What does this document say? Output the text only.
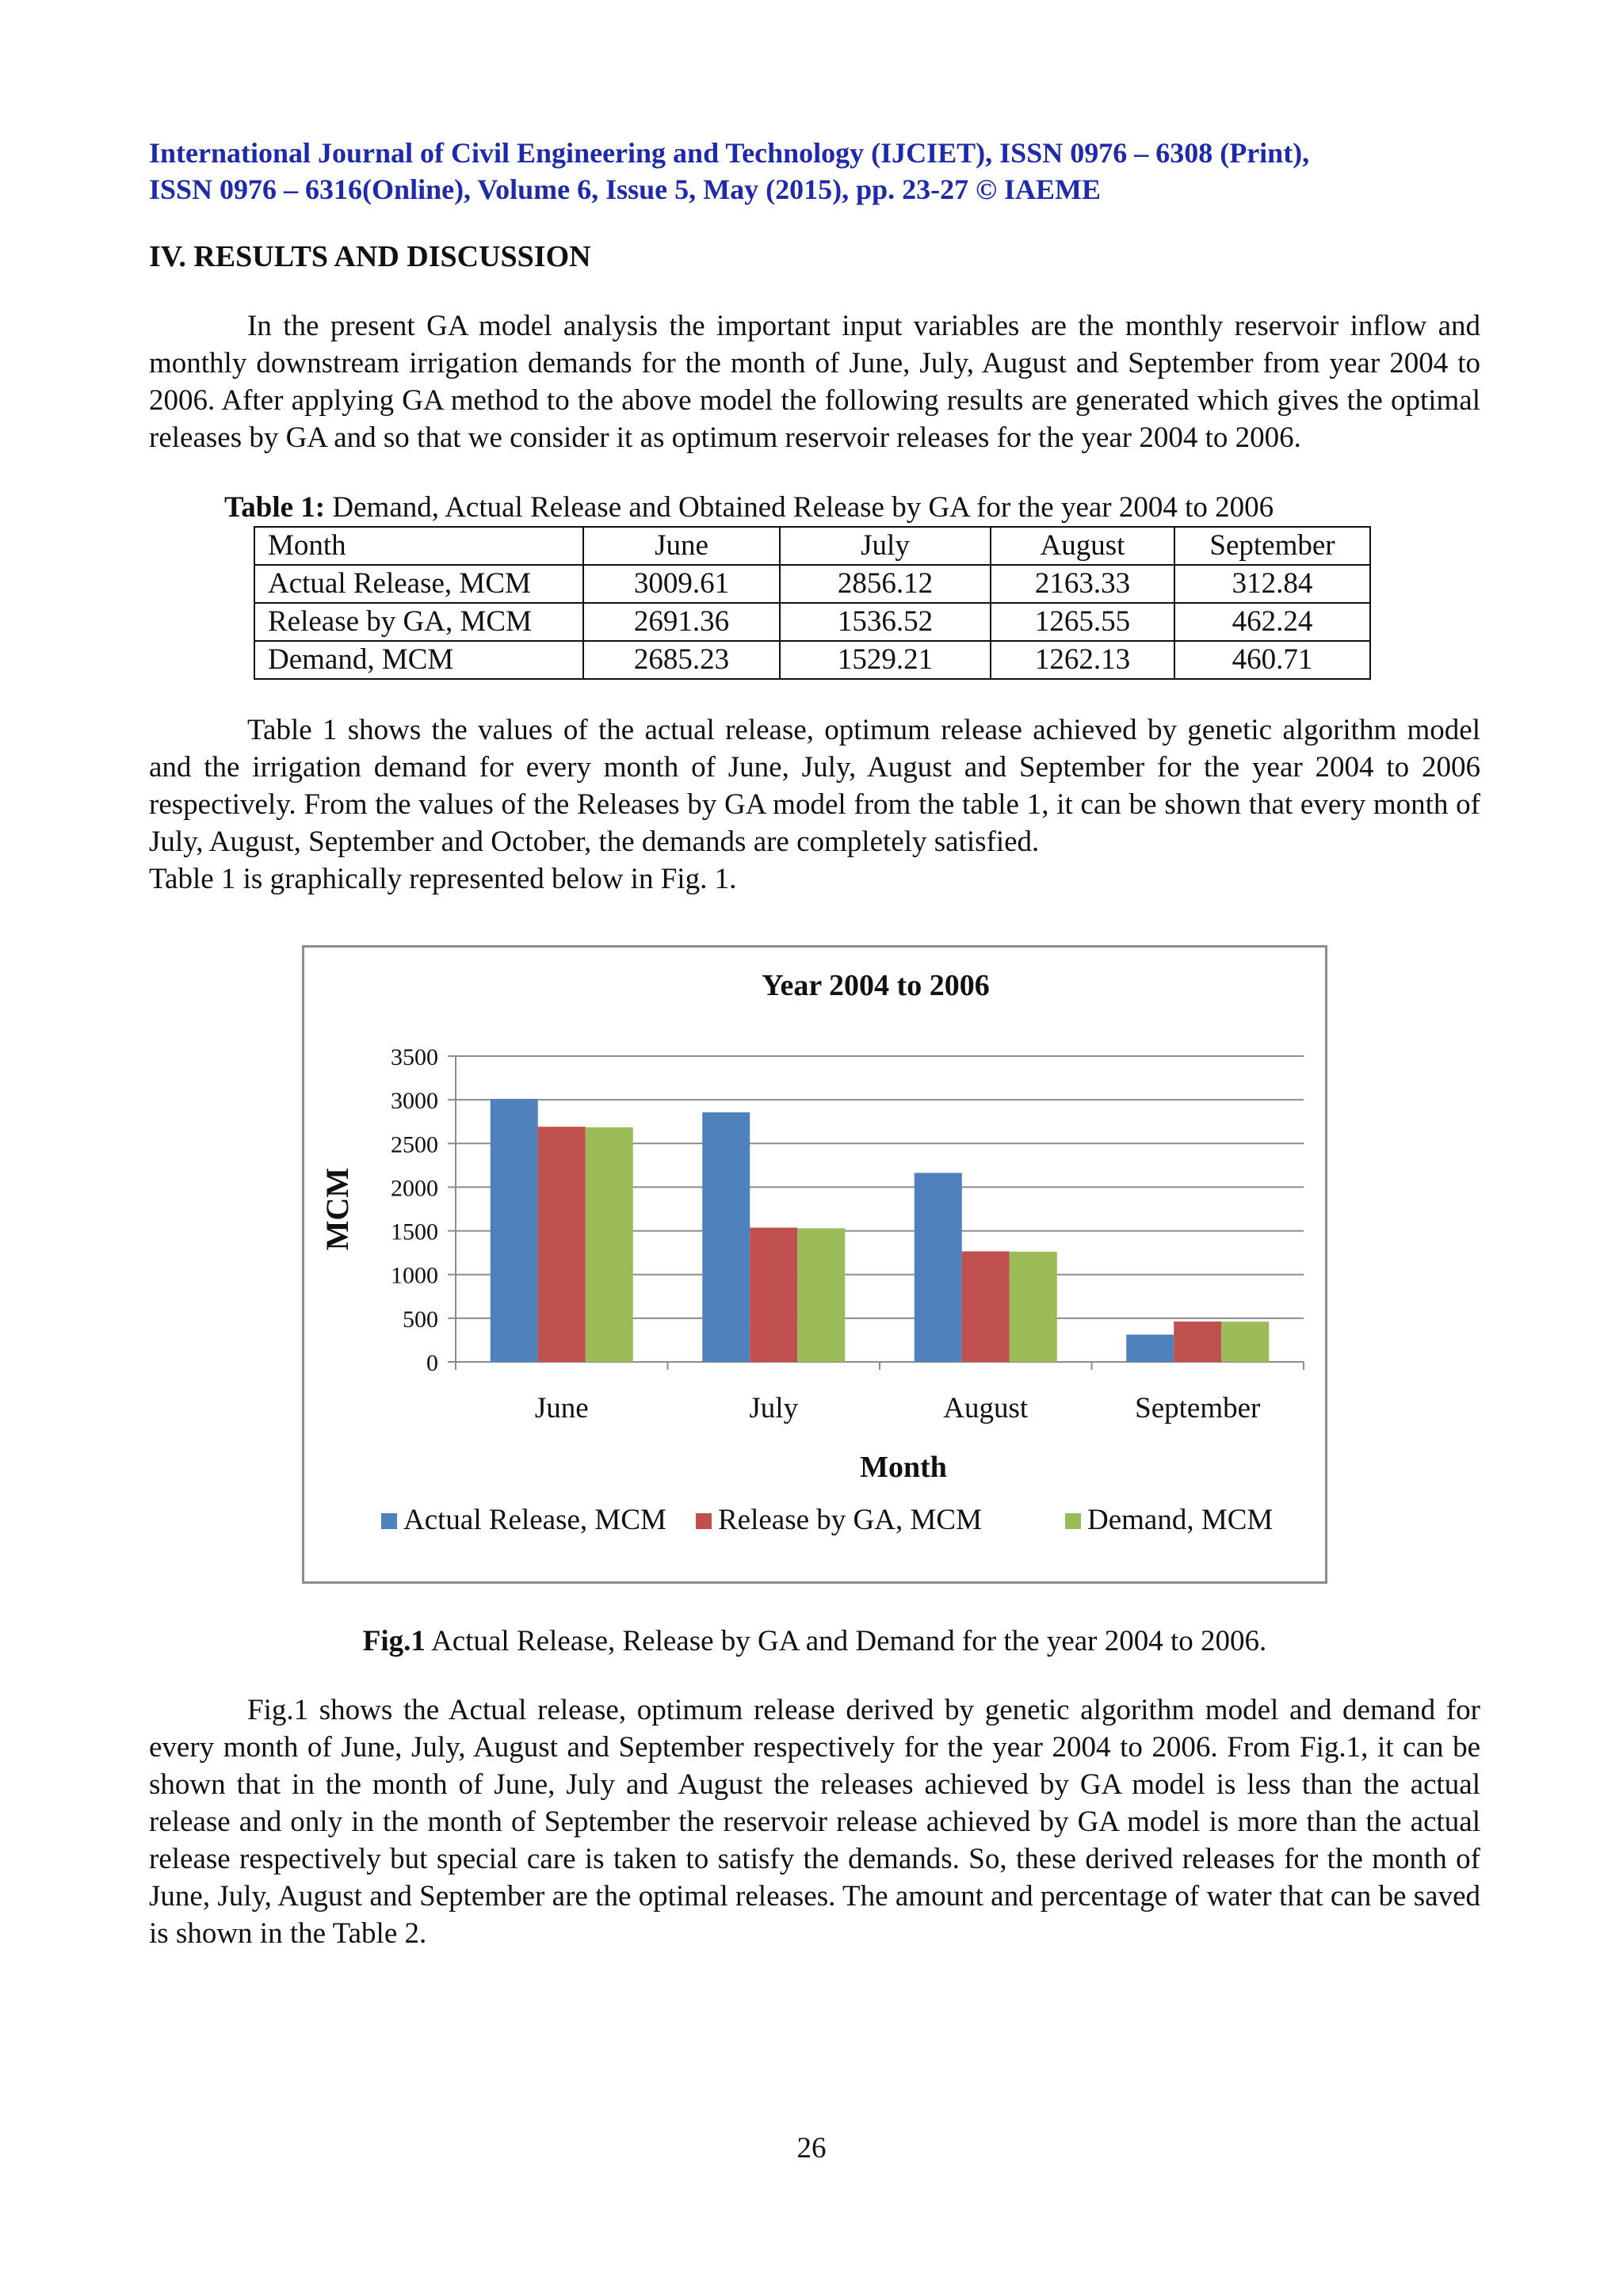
International Journal of Civil Engineering and Technology (IJCIET), ISSN 0976 – 6308 (Print),

ISSN 0976 – 6316(Online), Volume 6, Issue 5, May (2015), pp. 23-27 © IAEME

IV. RESULTS AND DISCUSSION

In the present GA model analysis the important input variables are the monthly reservoir inflow and monthly downstream irrigation demands for the month of June, July, August and September from year 2004 to 2006. After applying GA method to the above model the following results are generated which gives the optimal releases by GA and so that we consider it as optimum reservoir releases for the year 2004 to 2006.

Table 1: Demand, Actual Release and Obtained Release by GA for the year 2004 to 2006

Month	June	July	August	September
Actual Release, MCM	3009.61	2856.12	2163.33	312.84
Release by GA, MCM	2691.36	1536.52	1265.55	462.24
Demand, MCM	2685.23	1529.21	1262.13	460.71

Table 1 shows the values of the actual release, optimum release achieved by genetic algorithm model and the irrigation demand for every month of June, July, August and September for the year 2004 to 2006 respectively. From the values of the Releases by GA model from the table 1, it can be shown that every month of July, August, September and October, the demands are completely satisfied.

Table 1 is graphically represented below in Fig. 1.

Year 2004 to 2006
0
500
1000
1500
2000
2500
3000
3500
MCM
June	July	August	September
Month
Actual Release, MCM Release by GA, MCM	Demand, MCM

Fig.1 Actual Release, Release by GA and Demand for the year 2004 to 2006.

Fig.1 shows the Actual release, optimum release derived by genetic algorithm model and demand for every month of June, July, August and September respectively for the year 2004 to 2006. From Fig.1, it can be shown that in the month of June, July and August the releases achieved by GA model is less than the actual release and only in the month of September the reservoir release achieved by GA model is more than the actual release respectively but special care is taken to satisfy the demands. So, these derived releases for the month of June, July, August and September are the optimal releases. The amount and percentage of water that can be saved is shown in the Table 2.

26
